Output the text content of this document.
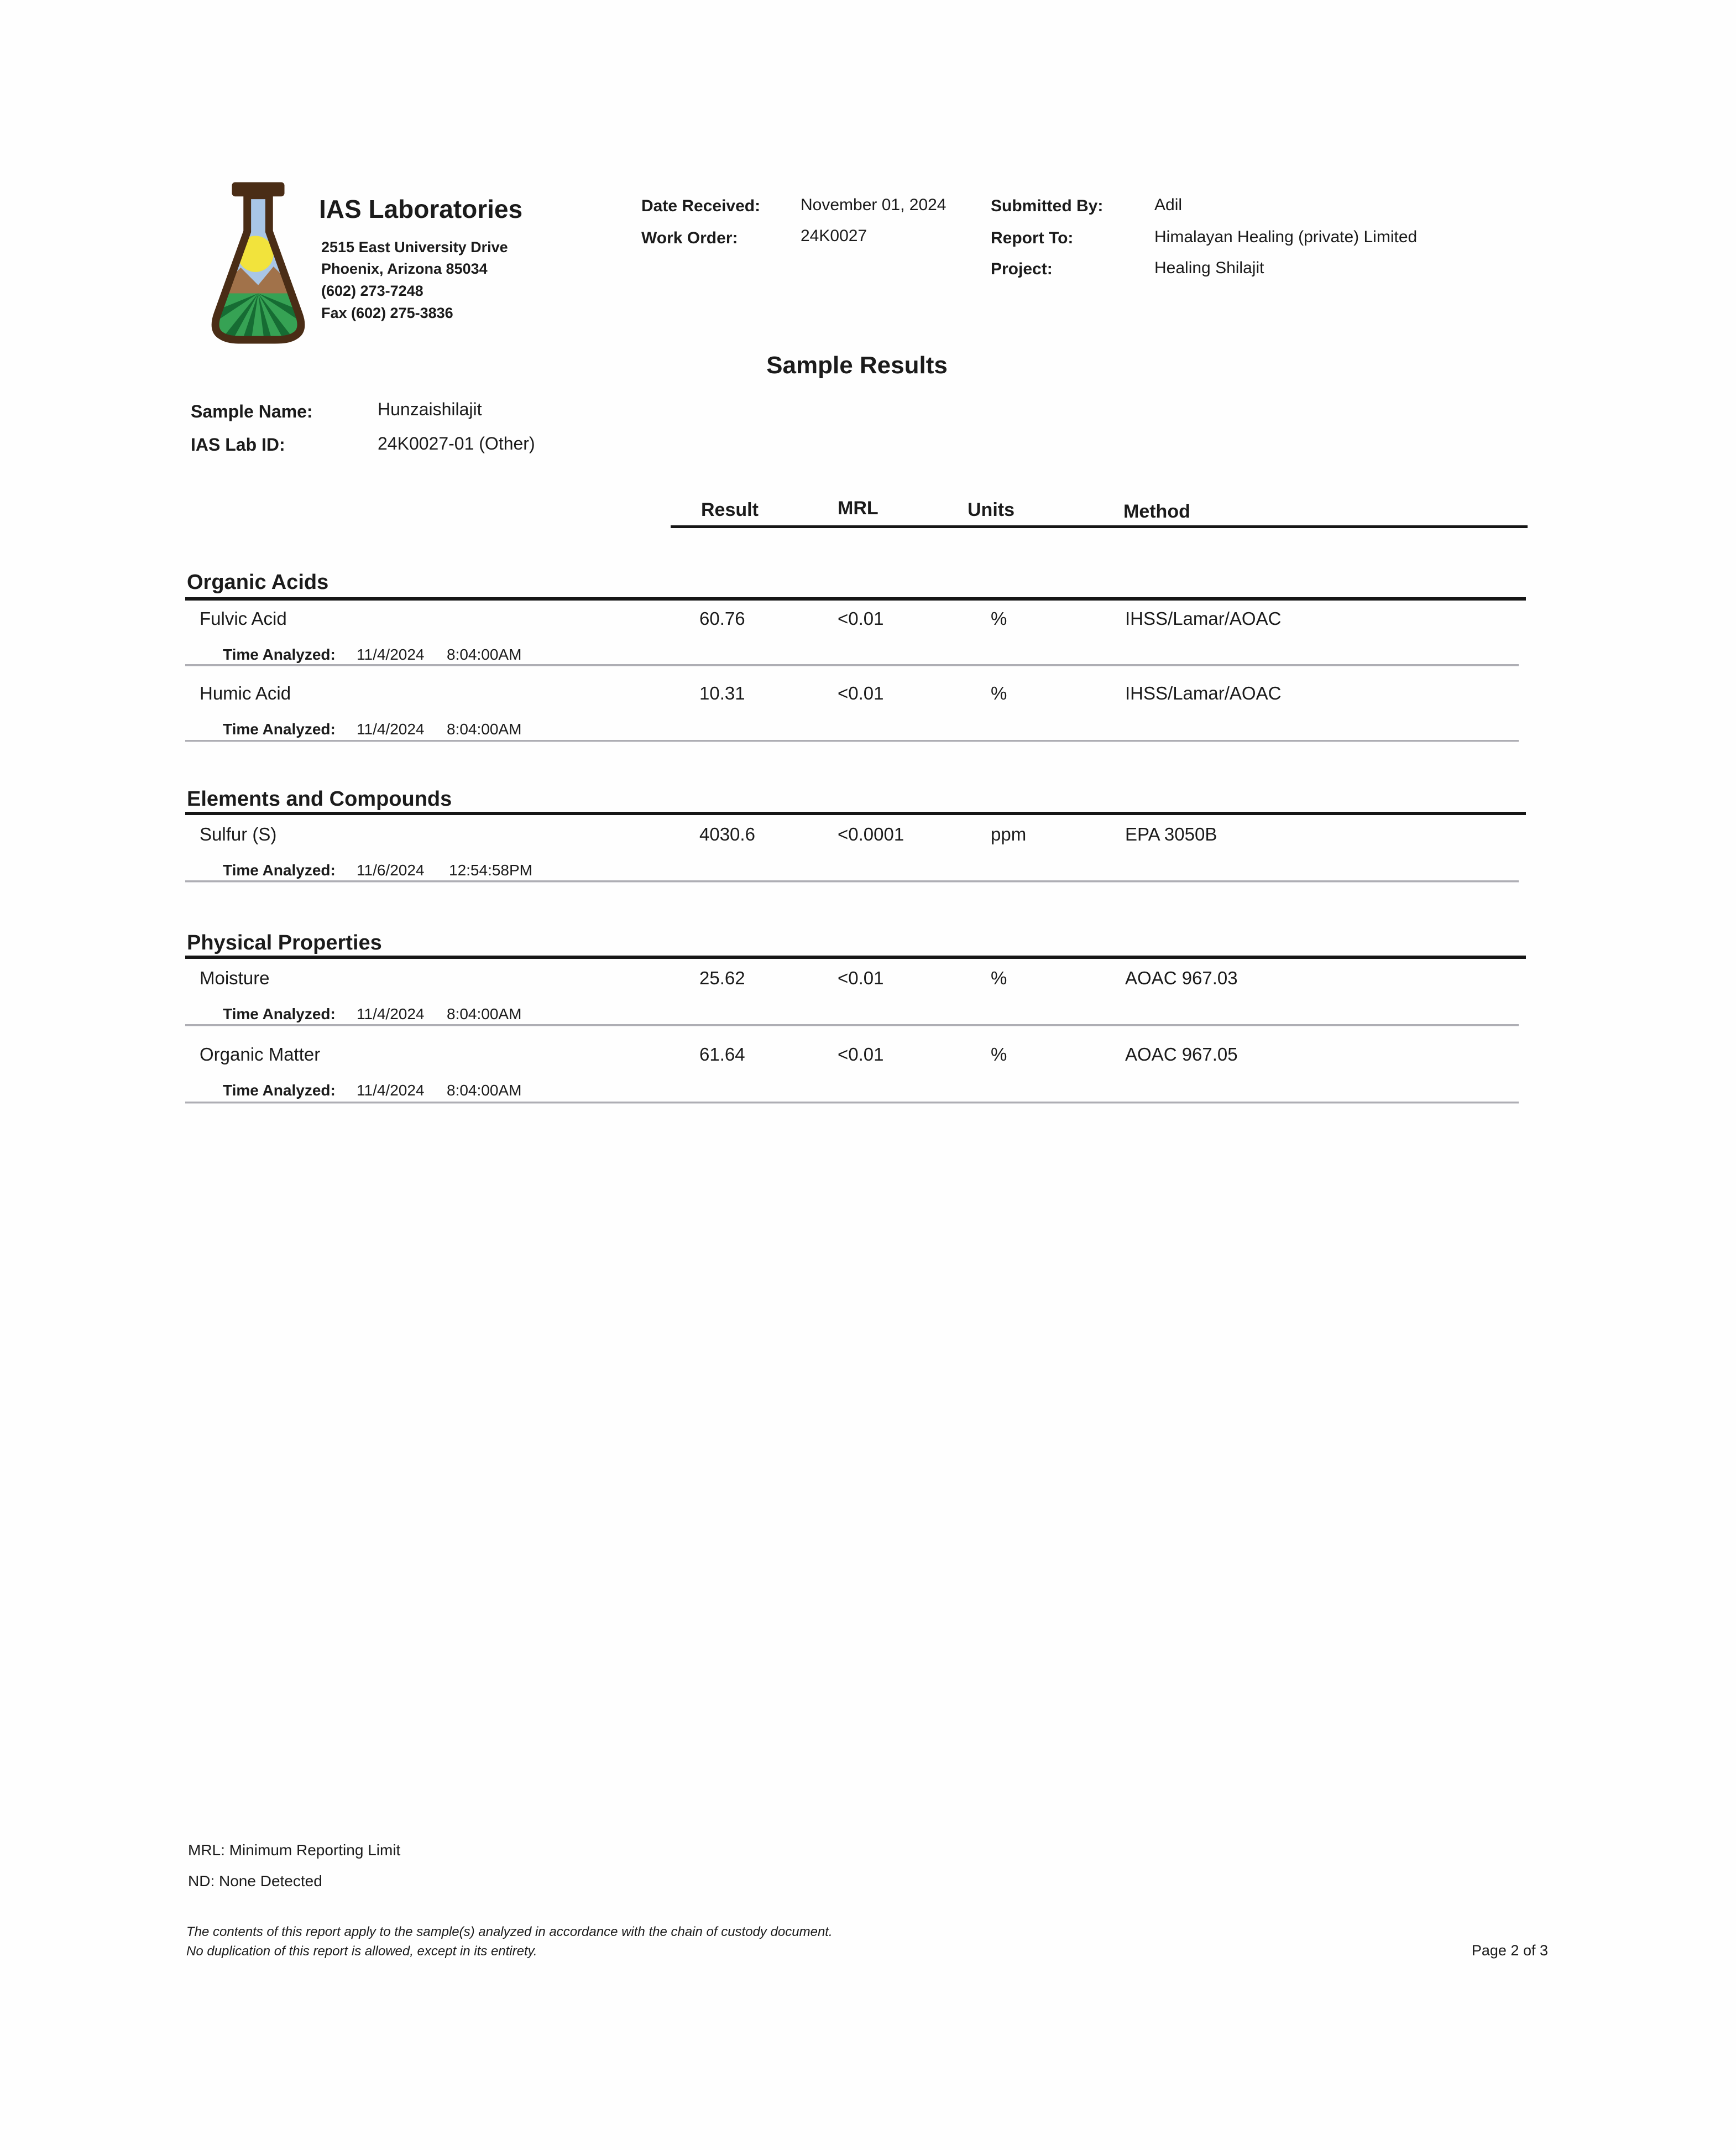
IAS Laboratories
2515 East University Drive
Phoenix, Arizona 85034
(602) 273-7248
Fax (602) 275-3836
Date Received: November 01, 2024
Work Order:	24K0027
Submitted By:	Adil
Report To:	Himalayan Healing (private) Limited
Project:	Healing Shilajit
Sample Results
Sample Name:	Hunzaishilajit
IAS Lab ID:	24K0027-01 (Other)
Result	MRL	Units	Method
Organic Acids
Fulvic Acid	60.76	<0.01	%	IHSS/Lamar/AOAC
Time Analyzed: 11/4/2024 8:04:00AM
Humic Acid	10.31	<0.01	%	IHSS/Lamar/AOAC
Time Analyzed: 11/4/2024 8:04:00AM
Elements and Compounds
Sulfur (S)	4030.6	<0.0001	ppm	EPA 3050B
Time Analyzed: 11/6/2024 12:54:58PM
Physical Properties
Moisture	25.62	<0.01	%	AOAC 967.03
Time Analyzed: 11/4/2024 8:04:00AM
Organic Matter	61.64	<0.01	%	AOAC 967.05
Time Analyzed: 11/4/2024 8:04:00AM
MRL: Minimum Reporting Limit
ND: None Detected
The contents of this report apply to the sample(s) analyzed in accordance with the chain of custody document.
No duplication of this report is allowed, except in its entirety.	Page 2 of 3
